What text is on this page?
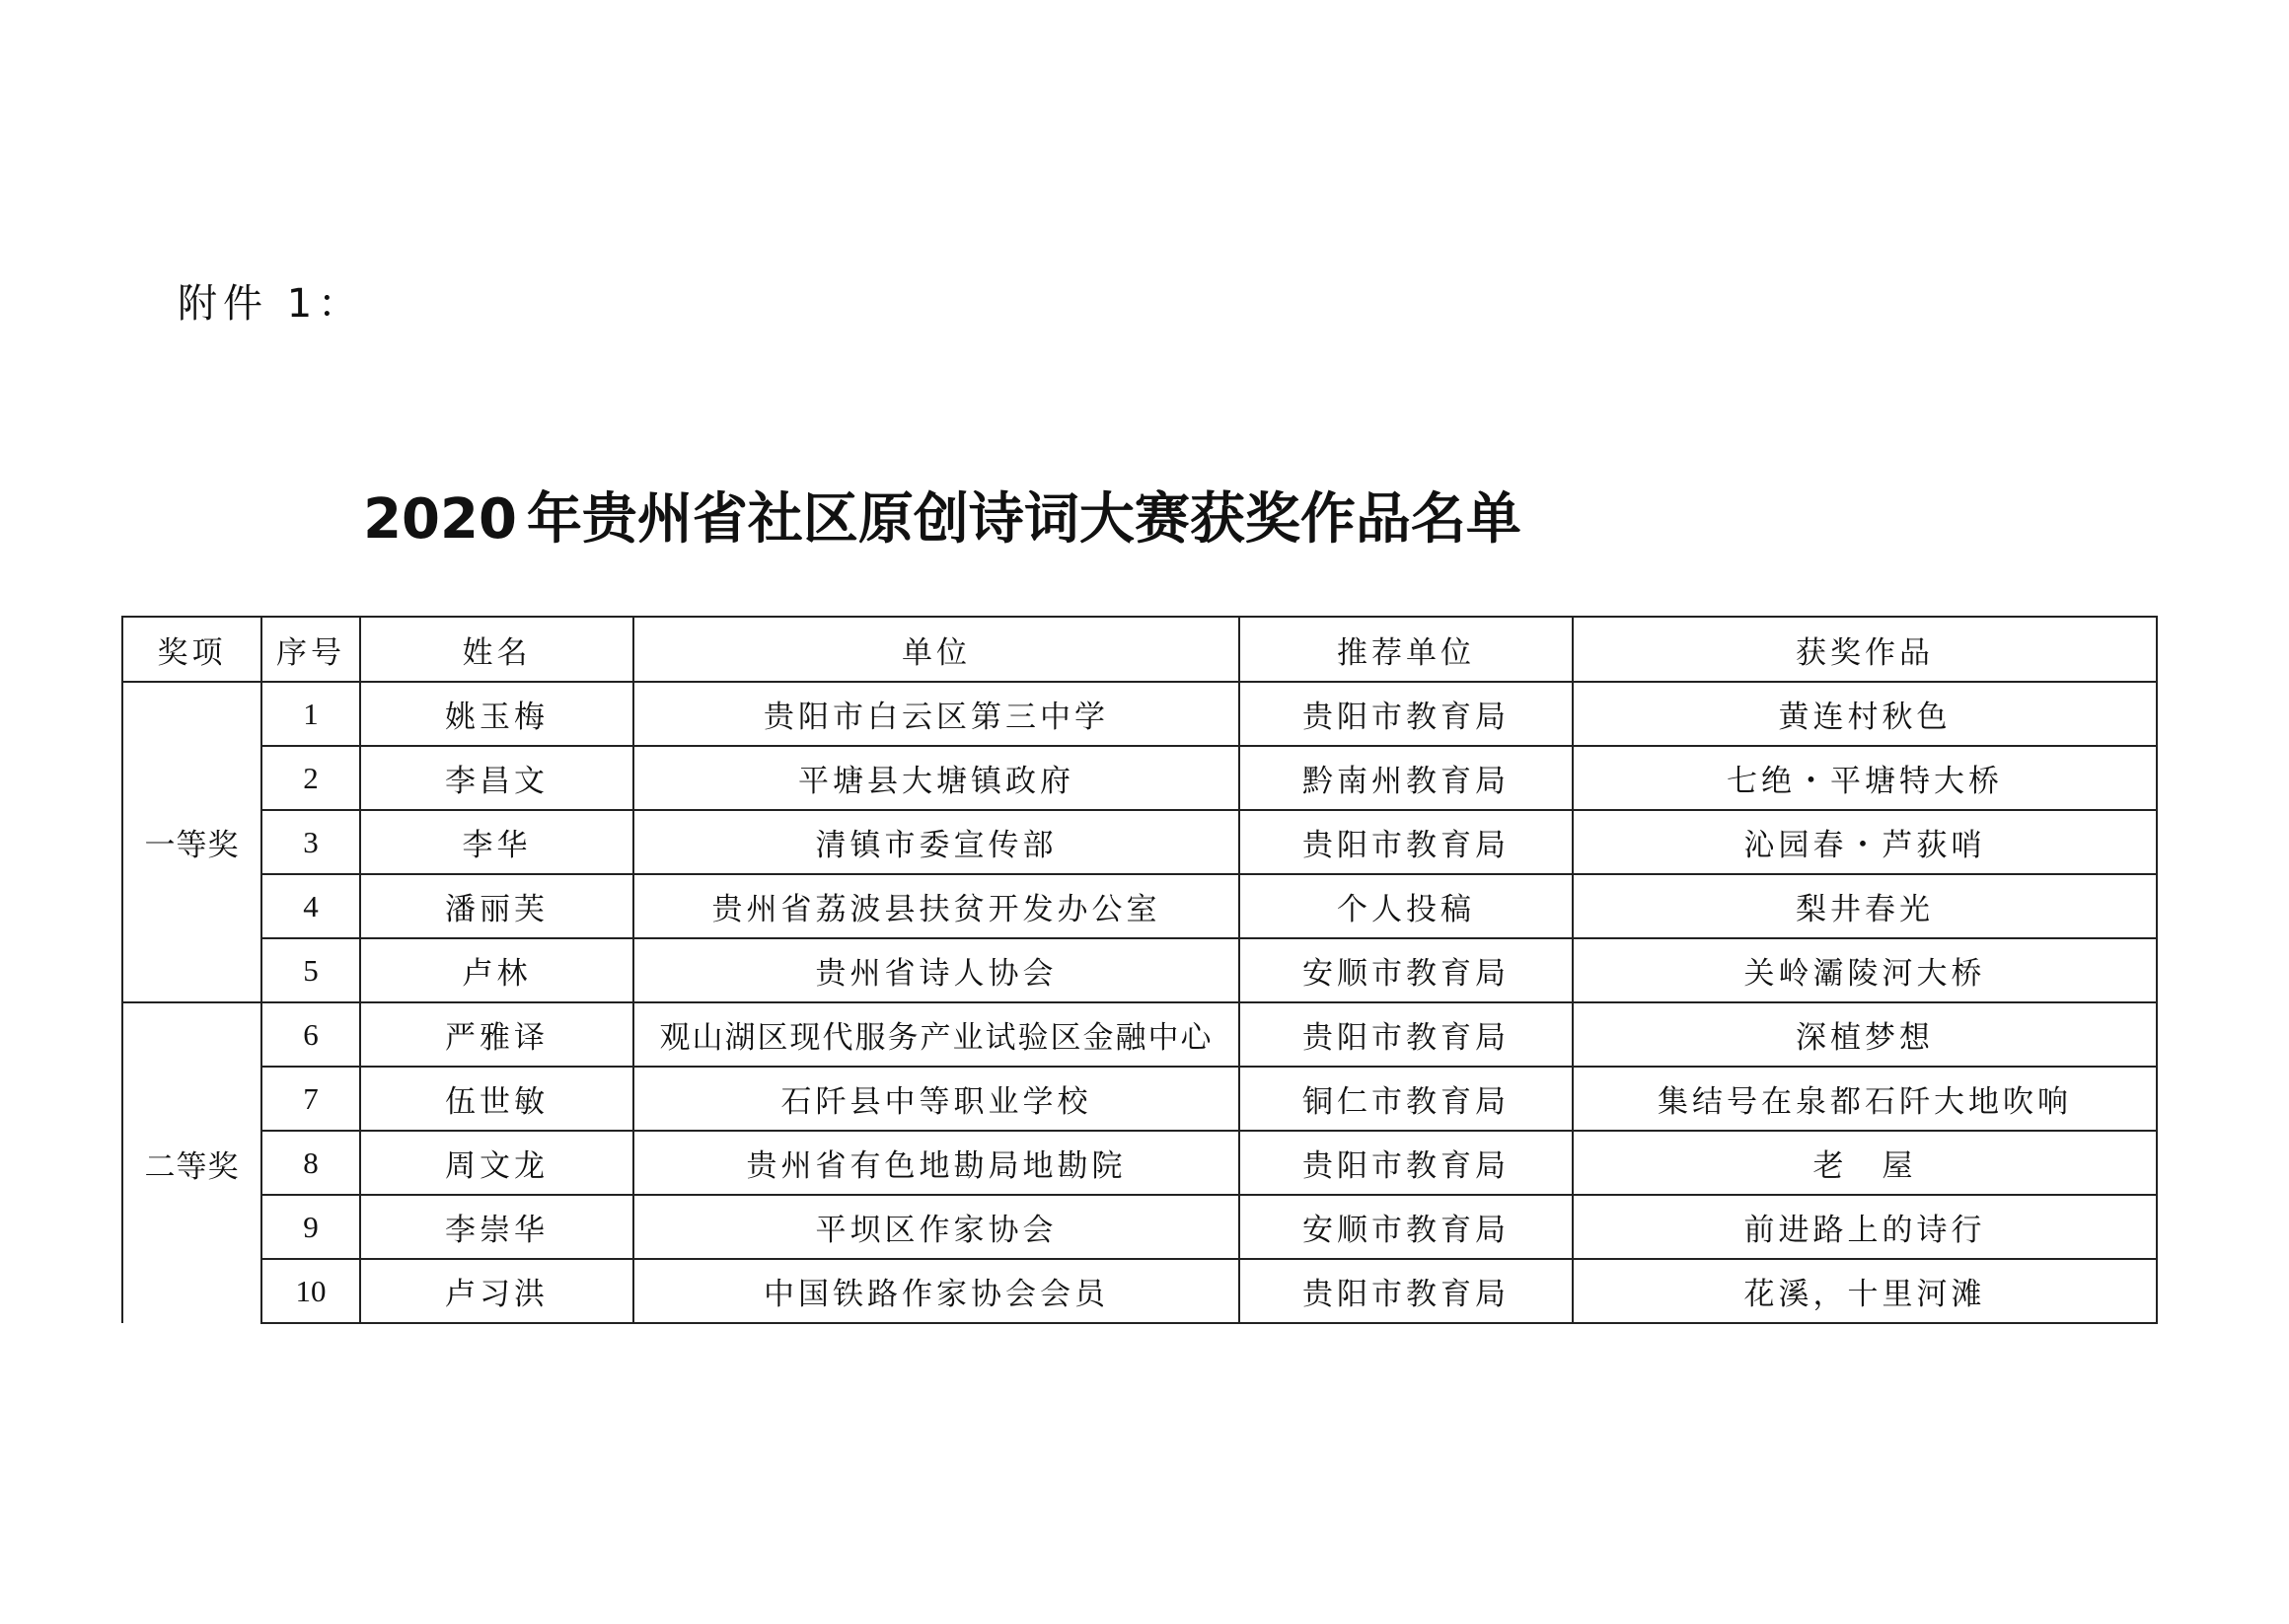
附件 1：
2020 年贵州省社区原创诗词大赛获奖作品名单
奖项	序号	姓名	单位	推荐单位	获奖作品
一等奖	1	姚玉梅	贵阳市白云区第三中学	贵阳市教育局	黄连村秋色
	2	李昌文	平塘县大塘镇政府	黔南州教育局	七绝・平塘特大桥
	3	李华	清镇市委宣传部	贵阳市教育局	沁园春・芦荻哨
	4	潘丽芙	贵州省荔波县扶贫开发办公室	个人投稿	梨井春光
	5	卢林	贵州省诗人协会	安顺市教育局	关岭灞陵河大桥
二等奖	6	严雅译	观山湖区现代服务产业试验区金融中心	贵阳市教育局	深植梦想
	7	伍世敏	石阡县中等职业学校	铜仁市教育局	集结号在泉都石阡大地吹响
	8	周文龙	贵州省有色地勘局地勘院	贵阳市教育局	老　屋
	9	李崇华	平坝区作家协会	安顺市教育局	前进路上的诗行
	10	卢习洪	中国铁路作家协会会员	贵阳市教育局	花溪，十里河滩
